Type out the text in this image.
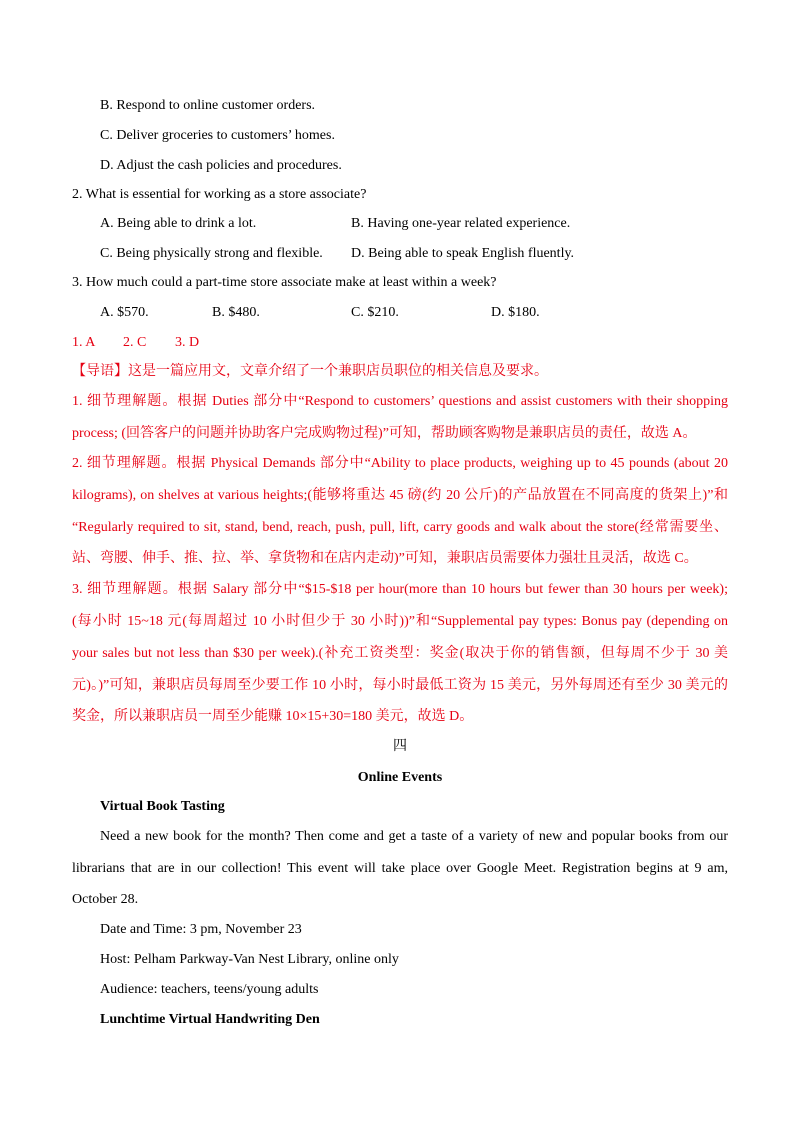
B. Respond to online customer orders.
C. Deliver groceries to customers’ homes.
D. Adjust the cash policies and procedures.
2. What is essential for working as a store associate?
A. Being able to drink a lot.	B. Having one-year related experience.
C. Being physically strong and flexible. D. Being able to speak English fluently.
3. How much could a part-time store associate make at least within a week?
A. $570.	B. $480.	C. $210.	D. $180.
1. A 2. C 3. D
【导语】这是一篇应用文，文章介绍了一个兼职店员职位的相关信息及要求。
1. 细节理解题。根据 Duties 部分中“Respond to customers’ questions and assist customers with their shopping
process; (回答客户的问题并协助客户完成购物过程)”可知，帮助顾客购物是兼职店员的责任，故选 A。
2. 细节理解题。根据 Physical Demands 部分中“Ability to place products, weighing up to 45 pounds (about 20
kilograms), on shelves at various heights;(能够将重达 45 磅(约 20 公斤)的产品放置在不同高度的货架上)”和
“Regularly required to sit, stand, bend, reach, push, pull, lift, carry goods and walk about the store(经常需要坐、
站、弯腰、伸手、推、拉、举、拿货物和在店内走动)”可知，兼职店员需要体力强壮且灵活，故选 C。
3. 细节理解题。根据 Salary 部分中“$15-$18 per hour(more than 10 hours but fewer than 30 hours per week);
(每小时 15~18 元(每周超过 10 小时但少于 30 小时))”和“Supplemental pay types: Bonus pay (depending on
your sales but not less than $30 per week).(补充工资类型：奖金(取决于你的销售额，但每周不少于 30 美
元)。)”可知，兼职店员每周至少要工作 10 小时，每小时最低工资为 15 美元，另外每周还有至少 30 美元的
奖金，所以兼职店员一周至少能赚 10×15+30=180 美元，故选 D。
四
Online Events
Virtual Book Tasting
Need a new book for the month? Then come and get a taste of a variety of new and popular books from our
librarians that are in our collection! This event will take place over Google Meet. Registration begins at 9 am,
October 28.
Date and Time: 3 pm, November 23
Host: Pelham Parkway-Van Nest Library, online only
Audience: teachers, teens/young adults
Lunchtime Virtual Handwriting Den
